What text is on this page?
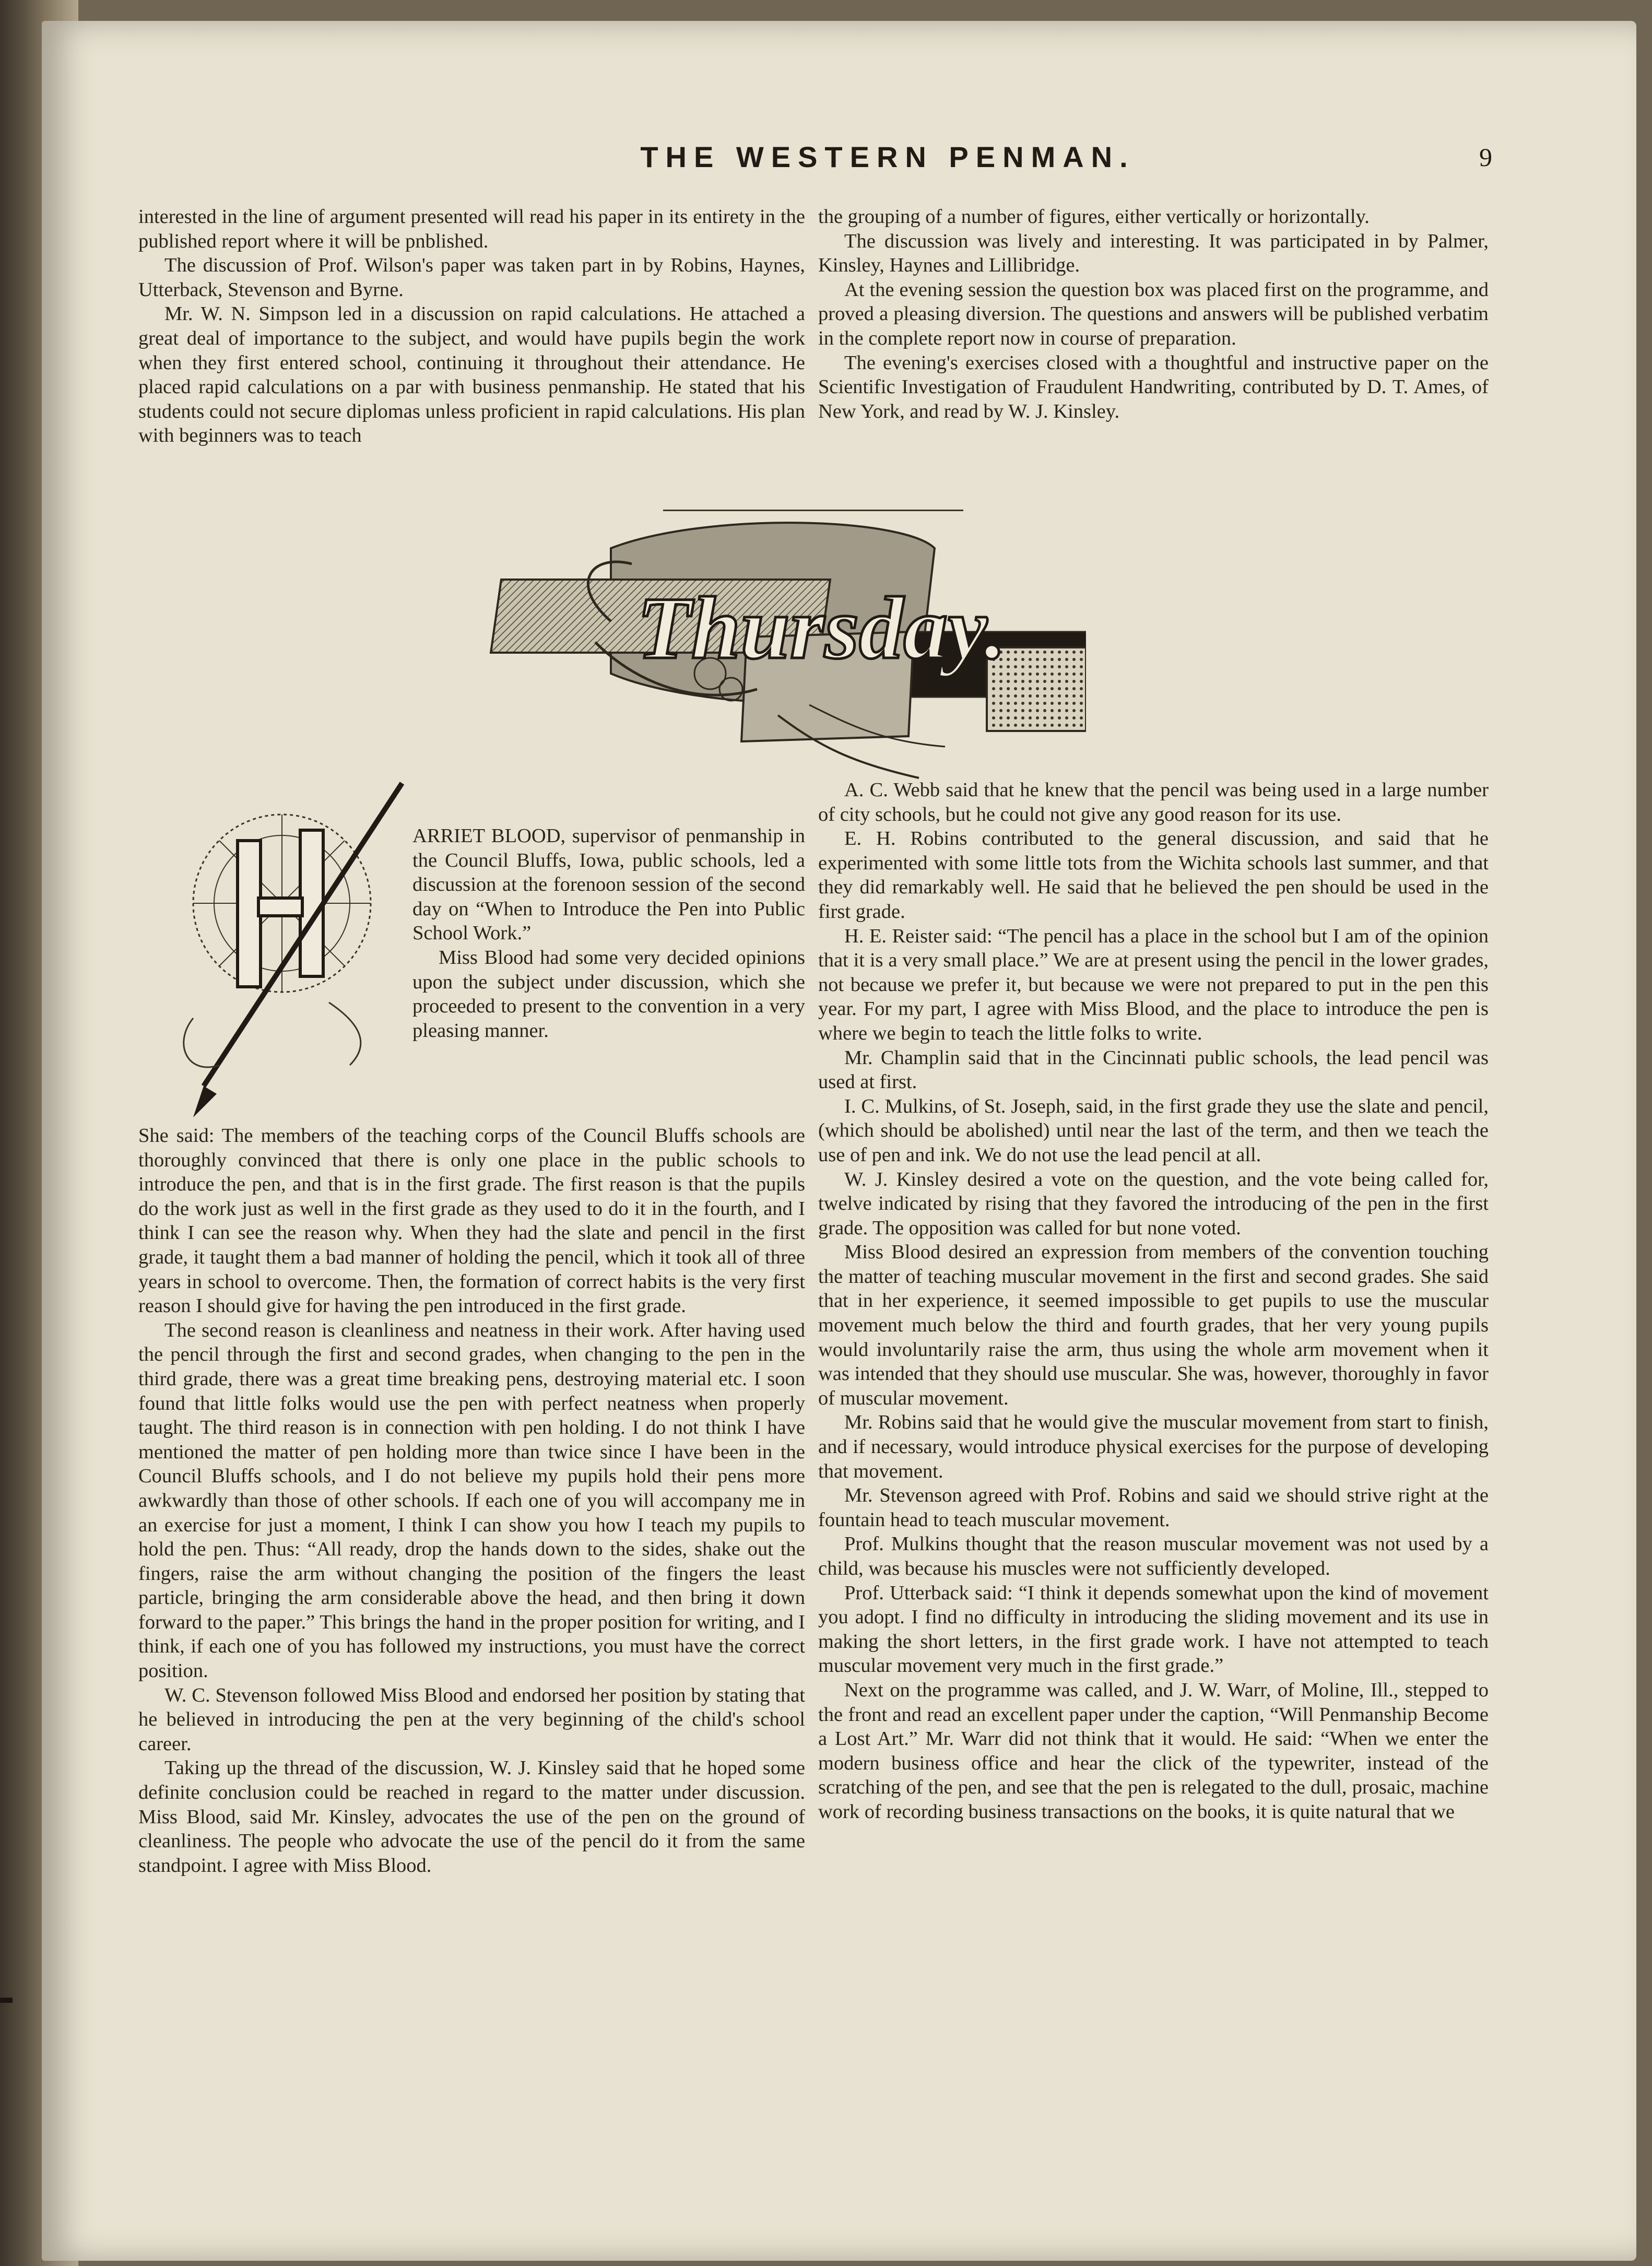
THE WESTERN PENMAN.	9

interested in the line of argument presented will read his paper in its entirety in the published report where it will be pnblished.

The discussion of Prof. Wilson's paper was taken part in by Robins, Haynes, Utterback, Stevenson and Byrne.

Mr. W. N. Simpson led in a discussion on rapid calculations. He attached a great deal of importance to the subject, and would have pupils begin the work when they first entered school, continuing it throughout their attendance. He placed rapid calculations on a par with business penmanship. He stated that his students could not secure diplomas unless proficient in rapid calculations. His plan with beginners was to teach

the grouping of a number of figures, either vertically or horizontally.

The discussion was lively and interesting. It was participated in by Palmer, Kinsley, Haynes and Lillibridge.

At the evening session the question box was placed first on the programme, and proved a pleasing diversion. The questions and answers will be published verbatim in the complete report now in course of preparation.

The evening's exercises closed with a thoughtful and instructive paper on the Scientific Investigation of Fraudulent Handwriting, contributed by D. T. Ames, of New York, and read by W. J. Kinsley.

Thursday.

ARRIET BLOOD, supervisor of penmanship in the Council Bluffs, Iowa, public schools, led a discussion at the forenoon session of the second day on “When to Introduce the Pen into Public School Work.”

Miss Blood had some very decided opinions upon the subject under discussion, which she proceeded to present to the convention in a very pleasing manner.

She said: The members of the teaching corps of the Council Bluffs schools are thoroughly convinced that there is only one place in the public schools to introduce the pen, and that is in the first grade. The first reason is that the pupils do the work just as well in the first grade as they used to do it in the fourth, and I think I can see the reason why. When they had the slate and pencil in the first grade, it taught them a bad manner of holding the pencil, which it took all of three years in school to overcome. Then, the formation of correct habits is the very first reason I should give for having the pen introduced in the first grade.

The second reason is cleanliness and neatness in their work. After having used the pencil through the first and second grades, when changing to the pen in the third grade, there was a great time breaking pens, destroying material etc. I soon found that little folks would use the pen with perfect neatness when properly taught. The third reason is in connection with pen holding. I do not think I have mentioned the matter of pen holding more than twice since I have been in the Council Bluffs schools, and I do not believe my pupils hold their pens more awkwardly than those of other schools. If each one of you will accompany me in an exercise for just a moment, I think I can show you how I teach my pupils to hold the pen. Thus: “All ready, drop the hands down to the sides, shake out the fingers, raise the arm without changing the position of the fingers the least particle, bringing the arm considerable above the head, and then bring it down forward to the paper.” This brings the hand in the proper position for writing, and I think, if each one of you has followed my instructions, you must have the correct position.

W. C. Stevenson followed Miss Blood and endorsed her position by stating that he believed in introducing the pen at the very beginning of the child's school career.

Taking up the thread of the discussion, W. J. Kinsley said that he hoped some definite conclusion could be reached in regard to the matter under discussion. Miss Blood, said Mr. Kinsley, advocates the use of the pen on the ground of cleanliness. The people who advocate the use of the pencil do it from the same standpoint. I agree with Miss Blood.

A. C. Webb said that he knew that the pencil was being used in a large number of city schools, but he could not give any good reason for its use.

E. H. Robins contributed to the general discussion, and said that he experimented with some little tots from the Wichita schools last summer, and that they did remarkably well. He said that he believed the pen should be used in the first grade.

H. E. Reister said: “The pencil has a place in the school but I am of the opinion that it is a very small place.” We are at present using the pencil in the lower grades, not because we prefer it, but because we were not prepared to put in the pen this year. For my part, I agree with Miss Blood, and the place to introduce the pen is where we begin to teach the little folks to write.

Mr. Champlin said that in the Cincinnati public schools, the lead pencil was used at first.

I. C. Mulkins, of St. Joseph, said, in the first grade they use the slate and pencil, (which should be abolished) until near the last of the term, and then we teach the use of pen and ink. We do not use the lead pencil at all.

W. J. Kinsley desired a vote on the question, and the vote being called for, twelve indicated by rising that they favored the introducing of the pen in the first grade. The opposition was called for but none voted.

Miss Blood desired an expression from members of the convention touching the matter of teaching muscular movement in the first and second grades. She said that in her experience, it seemed impossible to get pupils to use the muscular movement much below the third and fourth grades, that her very young pupils would involuntarily raise the arm, thus using the whole arm movement when it was intended that they should use muscular. She was, however, thoroughly in favor of muscular movement.

Mr. Robins said that he would give the muscular movement from start to finish, and if necessary, would introduce physical exercises for the purpose of developing that movement.

Mr. Stevenson agreed with Prof. Robins and said we should strive right at the fountain head to teach muscular movement.

Prof. Mulkins thought that the reason muscular movement was not used by a child, was because his muscles were not sufficiently developed.

Prof. Utterback said: “I think it depends somewhat upon the kind of movement you adopt. I find no difficulty in introducing the sliding movement and its use in making the short letters, in the first grade work. I have not attempted to teach muscular movement very much in the first grade.”

Next on the programme was called, and J. W. Warr, of Moline, Ill., stepped to the front and read an excellent paper under the caption, “Will Penmanship Become a Lost Art.” Mr. Warr did not think that it would. He said: “When we enter the modern business office and hear the click of the typewriter, instead of the scratching of the pen, and see that the pen is relegated to the dull, prosaic, machine work of recording business transactions on the books, it is quite natural that we
